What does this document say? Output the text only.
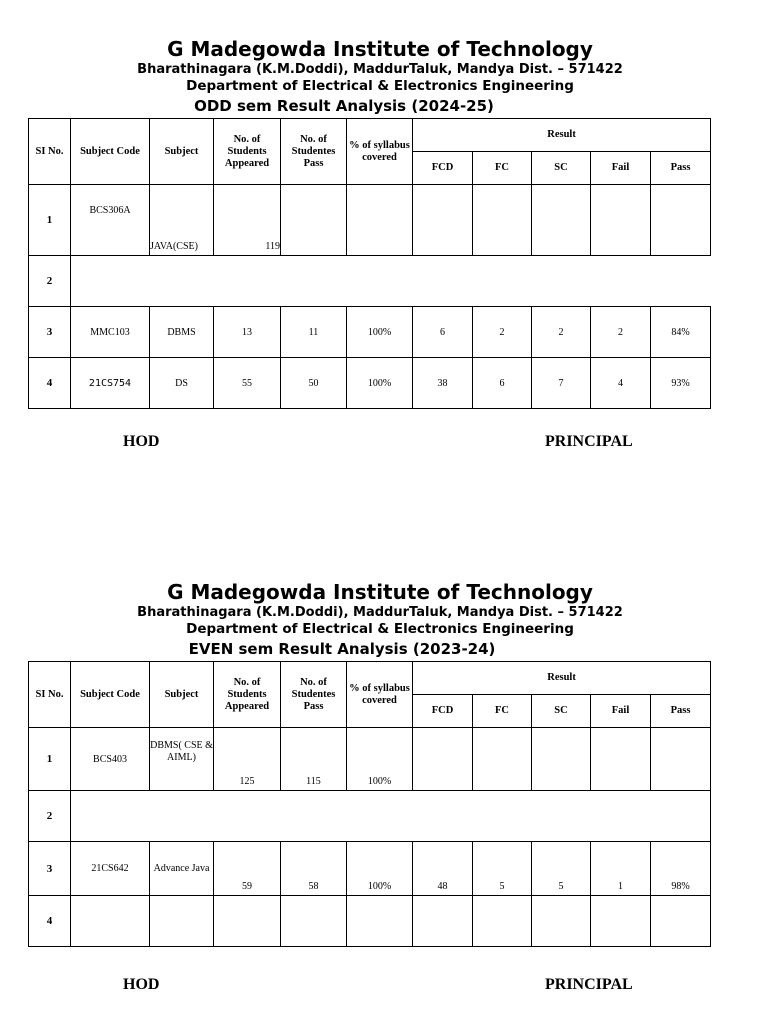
G Madegowda Institute of Technology
Bharathinagara (K.M.Doddi), MaddurTaluk, Mandya Dist. – 571422
Department of Electrical & Electronics Engineering
ODD sem Result Analysis (2024-25)
SI No.	Subject Code	Subject	No. of Students Appeared	No. of Studentes Pass	% of syllabus covered	Result				
						FCD	FC	SC	Fail	Pass
1	BCS306A	JAVA(CSE)	119							
2										
3	MMC103	DBMS	13	11	100%	6	2	2	2	84%
4	21CS754	DS	55	50	100%	38	6	7	4	93%
HOD	PRINCIPAL
G Madegowda Institute of Technology
Bharathinagara (K.M.Doddi), MaddurTaluk, Mandya Dist. – 571422
Department of Electrical & Electronics Engineering
EVEN sem Result Analysis (2023-24)
SI No.	Subject Code	Subject	No. of Students Appeared	No. of Studentes Pass	% of syllabus covered	Result				
						FCD	FC	SC	Fail	Pass
1	BCS403	DBMS( CSE & AIML)	125	115	100%					
2										
3	21CS642	Advance Java	59	58	100%	48	5	5	1	98%
4										
HOD	PRINCIPAL
